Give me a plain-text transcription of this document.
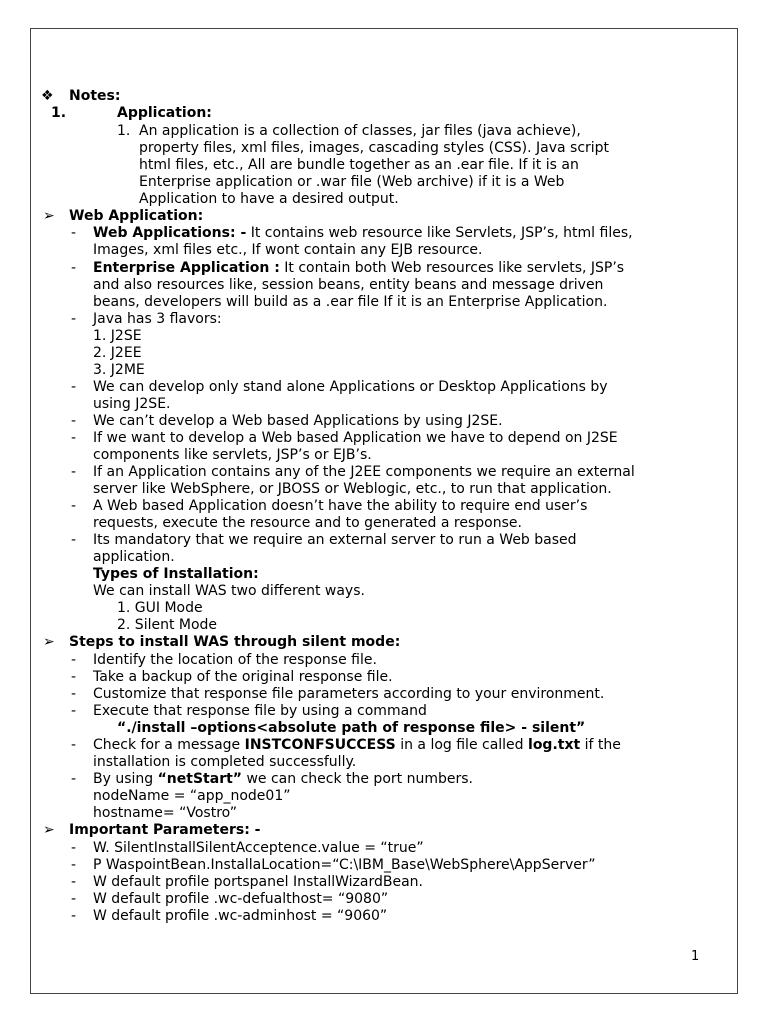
❖ Notes:
1.	Application:
1. An application is a collection of classes, jar files (java achieve),
property files, xml files, images, cascading styles (CSS). Java script
html files, etc., All are bundle together as an .ear file. If it is an
Enterprise application or .war file (Web archive) if it is a Web
Application to have a desired output.
➢ Web Application:
- Web Applications: - It contains web resource like Servlets, JSP’s, html files,
Images, xml files etc., If wont contain any EJB resource.
- Enterprise Application : It contain both Web resources like servlets, JSP’s
and also resources like, session beans, entity beans and message driven
beans, developers will build as a .ear file If it is an Enterprise Application.
- Java has 3 flavors:
1. J2SE
2. J2EE
3. J2ME
- We can develop only stand alone Applications or Desktop Applications by
using J2SE.
- We can’t develop a Web based Applications by using J2SE.
- If we want to develop a Web based Application we have to depend on J2SE
components like servlets, JSP’s or EJB’s.
- If an Application contains any of the J2EE components we require an external
server like WebSphere, or JBOSS or Weblogic, etc., to run that application.
- A Web based Application doesn’t have the ability to require end user’s
requests, execute the resource and to generated a response.
- Its mandatory that we require an external server to run a Web based
application.
Types of Installation:
We can install WAS two different ways.
1. GUI Mode
2. Silent Mode
➢ Steps to install WAS through silent mode:
- Identify the location of the response file.
- Take a backup of the original response file.
- Customize that response file parameters according to your environment.
- Execute that response file by using a command
“./install –options<absolute path of response file> - silent”
- Check for a message INSTCONFSUCCESS in a log file called log.txt if the
installation is completed successfully.
- By using “netStart” we can check the port numbers.
nodeName = “app_node01”
hostname= “Vostro”
➢ Important Parameters: -
- W. SilentInstallSilentAcceptence.value = “true”
- P WaspointBean.InstallaLocation=“C:\IBM_Base\WebSphere\AppServer”
- W default profile portspanel InstallWizardBean.
- W default profile .wc-defualthost= “9080”
- W default profile .wc-adminhost = “9060”
1
